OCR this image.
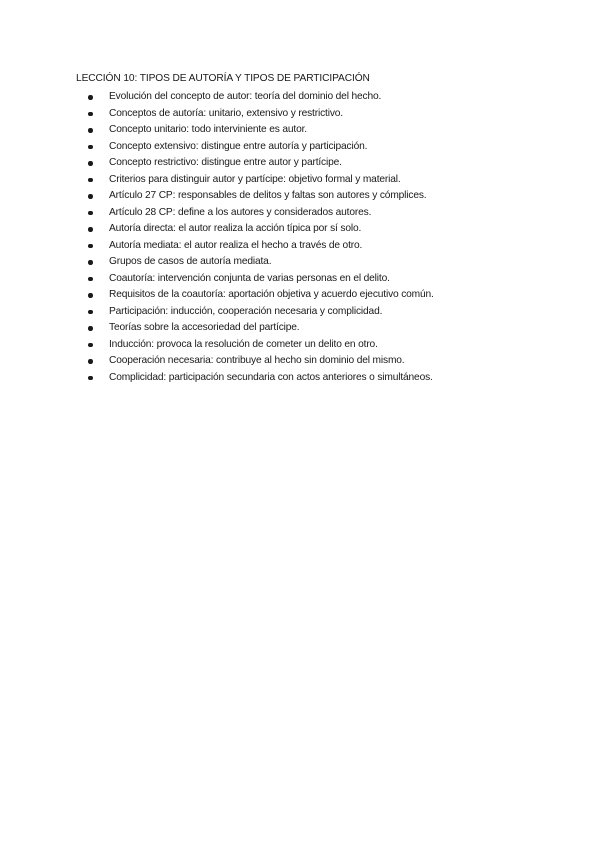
LECCIÓN 10: TIPOS DE AUTORÍA Y TIPOS DE PARTICIPACIÓN
Evolución del concepto de autor: teoría del dominio del hecho.
Conceptos de autoría: unitario, extensivo y restrictivo.
Concepto unitario: todo interviniente es autor.
Concepto extensivo: distingue entre autoría y participación.
Concepto restrictivo: distingue entre autor y partícipe.
Criterios para distinguir autor y partícipe: objetivo formal y material.
Artículo 27 CP: responsables de delitos y faltas son autores y cómplices.
Artículo 28 CP: define a los autores y considerados autores.
Autoría directa: el autor realiza la acción típica por sí solo.
Autoría mediata: el autor realiza el hecho a través de otro.
Grupos de casos de autoría mediata.
Coautoría: intervención conjunta de varias personas en el delito.
Requisitos de la coautoría: aportación objetiva y acuerdo ejecutivo común.
Participación: inducción, cooperación necesaria y complicidad.
Teorías sobre la accesoriedad del partícipe.
Inducción: provoca la resolución de cometer un delito en otro.
Cooperación necesaria: contribuye al hecho sin dominio del mismo.
Complicidad: participación secundaria con actos anteriores o simultáneos.
